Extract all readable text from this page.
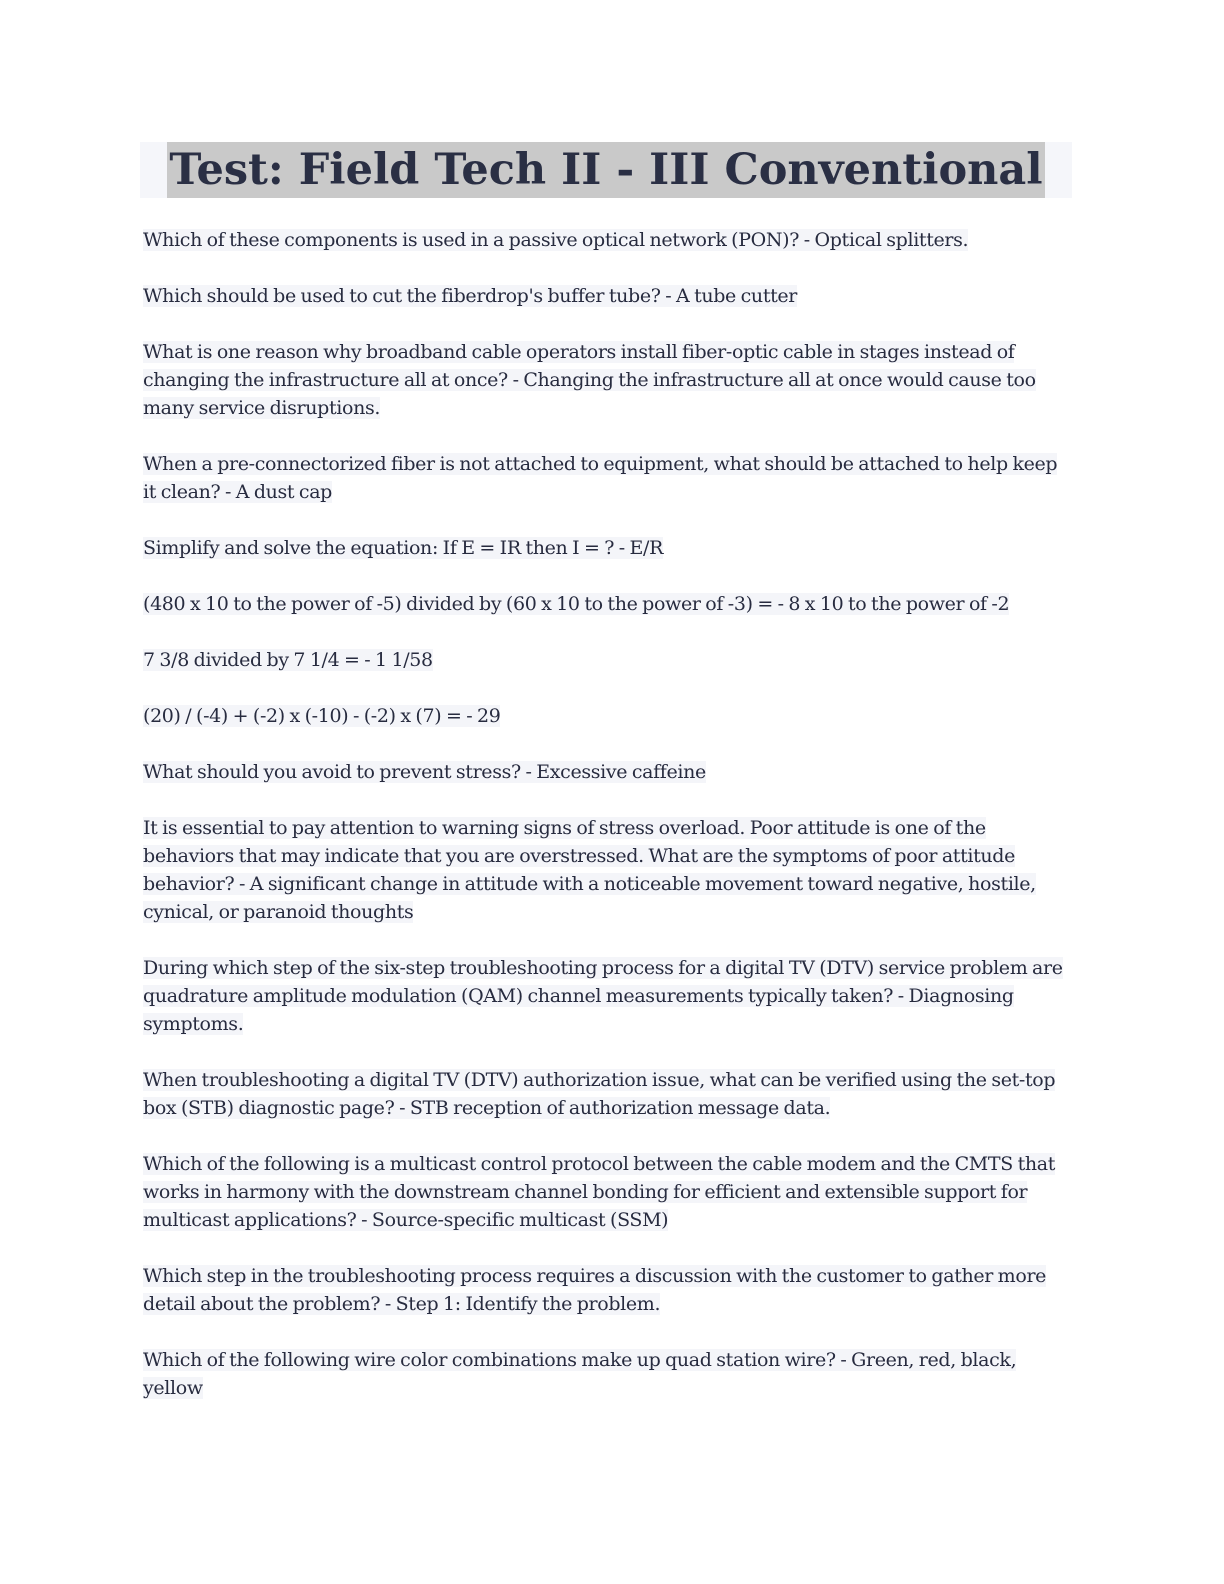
Test: Field Tech II - III Conventional

Which of these components is used in a passive optical network (PON)? - Optical splitters.

Which should be used to cut the fiberdrop's buffer tube? - A tube cutter

What is one reason why broadband cable operators install fiber-optic cable in stages instead of changing the infrastructure all at once? - Changing the infrastructure all at once would cause too many service disruptions.

When a pre-connectorized fiber is not attached to equipment, what should be attached to help keep it clean? - A dust cap

Simplify and solve the equation: If E = IR then I = ? - E/R

(480 x 10 to the power of -5) divided by (60 x 10 to the power of -3) = - 8 x 10 to the power of -2

7 3/8 divided by 7 1/4 = - 1 1/58

(20) / (-4) + (-2) x (-10) - (-2) x (7) = - 29

What should you avoid to prevent stress? - Excessive caffeine

It is essential to pay attention to warning signs of stress overload. Poor attitude is one of the behaviors that may indicate that you are overstressed. What are the symptoms of poor attitude behavior? - A significant change in attitude with a noticeable movement toward negative, hostile, cynical, or paranoid thoughts

During which step of the six-step troubleshooting process for a digital TV (DTV) service problem are quadrature amplitude modulation (QAM) channel measurements typically taken? - Diagnosing symptoms.

When troubleshooting a digital TV (DTV) authorization issue, what can be verified using the set-top box (STB) diagnostic page? - STB reception of authorization message data.

Which of the following is a multicast control protocol between the cable modem and the CMTS that works in harmony with the downstream channel bonding for efficient and extensible support for multicast applications? - Source-specific multicast (SSM)

Which step in the troubleshooting process requires a discussion with the customer to gather more detail about the problem? - Step 1: Identify the problem.

Which of the following wire color combinations make up quad station wire? - Green, red, black, yellow
